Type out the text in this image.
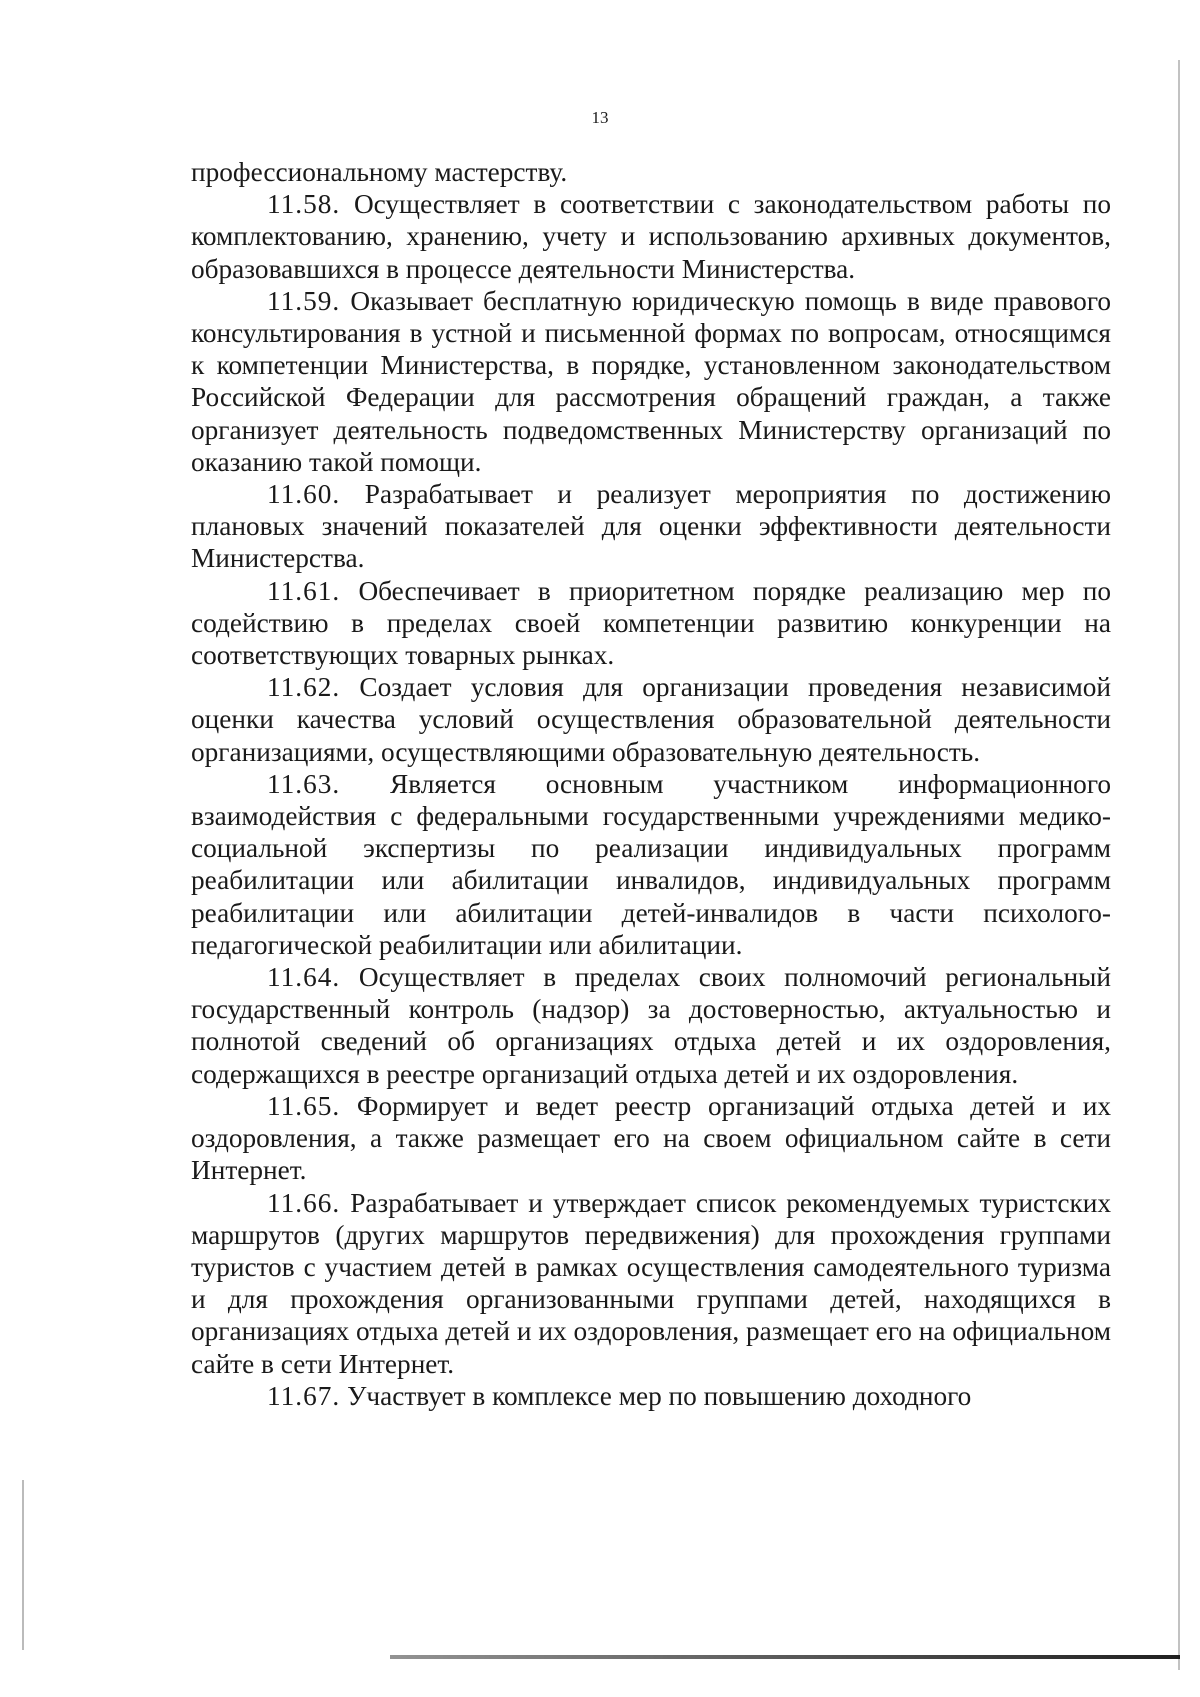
13

профессиональному мастерству.

11.58. Осуществляет в соответствии с законодательством работы по комплектованию, хранению, учету и использованию архивных документов, образовавшихся в процессе деятельности Министерства.

11.59. Оказывает бесплатную юридическую помощь в виде правового консультирования в устной и письменной формах по вопросам, относящимся к компетенции Министерства, в порядке, установленном законодательством Российской Федерации для рассмотрения обращений граждан, а также организует деятельность подведомственных Министерству организаций по оказанию такой помощи.

11.60. Разрабатывает и реализует мероприятия по достижению плановых значений показателей для оценки эффективности деятельности Министерства.

11.61. Обеспечивает в приоритетном порядке реализацию мер по содействию в пределах своей компетенции развитию конкуренции на соответствующих товарных рынках.

11.62. Создает условия для организации проведения независимой оценки качества условий осуществления образовательной деятельности организациями, осуществляющими образовательную деятельность.

11.63. Является основным участником информационного взаимодействия с федеральными государственными учреждениями медико-социальной экспертизы по реализации индивидуальных программ реабилитации или абилитации инвалидов, индивидуальных программ реабилитации или абилитации детей-инвалидов в части психолого-педагогической реабилитации или абилитации.

11.64. Осуществляет в пределах своих полномочий региональный государственный контроль (надзор) за достоверностью, актуальностью и полнотой сведений об организациях отдыха детей и их оздоровления, содержащихся в реестре организаций отдыха детей и их оздоровления.

11.65. Формирует и ведет реестр организаций отдыха детей и их оздоровления, а также размещает его на своем официальном сайте в сети Интернет.

11.66. Разрабатывает и утверждает список рекомендуемых туристских маршрутов (других маршрутов передвижения) для прохождения группами туристов с участием детей в рамках осуществления самодеятельного туризма и для прохождения организованными группами детей, находящихся в организациях отдыха детей и их оздоровления, размещает его на официальном сайте в сети Интернет.

11.67. Участвует в комплексе мер по повышению доходного
